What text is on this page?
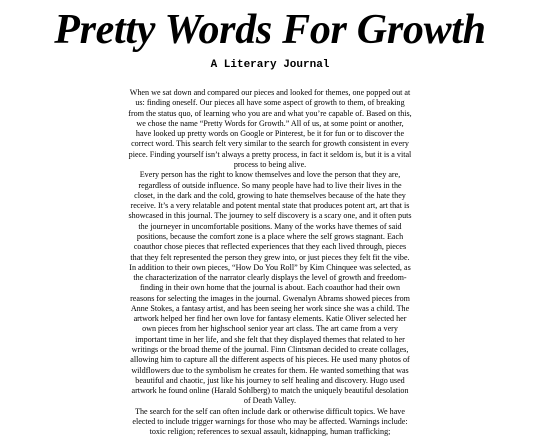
Pretty Words For Growth
A Literary Journal

When we sat down and compared our pieces and looked for themes, one popped out at us: finding oneself. Our pieces all have some aspect of growth to them, of breaking from the status quo, of learning who you are and what you’re capable of. Based on this, we chose the name “Pretty Words for Growth.” All of us, at some point or another, have looked up pretty words on Google or Pinterest, be it for fun or to discover the correct word. This search felt very similar to the search for growth consistent in every piece. Finding yourself isn’t always a pretty process, in fact it seldom is, but it is a vital process to being alive.

Every person has the right to know themselves and love the person that they are, regardless of outside influence. So many people have had to live their lives in the closet, in the dark and the cold, growing to hate themselves because of the hate they receive. It’s a very relatable and potent mental state that produces potent art, art that is showcased in this journal. The journey to self discovery is a scary one, and it often puts the journeyer in uncomfortable positions. Many of the works have themes of said positions, because the comfort zone is a place where the self grows stagnant. Each coauthor chose pieces that reflected experiences that they each lived through, pieces that they felt represented the person they grew into, or just pieces they felt fit the vibe. In addition to their own pieces, “How Do You Roll” by Kim Chinquee was selected, as the characterization of the narrator clearly displays the level of growth and freedom-finding in their own home that the journal is about. Each coauthor had their own reasons for selecting the images in the journal. Gwenalyn Abrams showed pieces from Anne Stokes, a fantasy artist, and has been seeing her work since she was a child. The artwork helped her find her own love for fantasy elements. Katie Oliver selected her own pieces from her highschool senior year art class. The art came from a very important time in her life, and she felt that they displayed themes that related to her writings or the broad theme of the journal. Finn Clintsman decided to create collages, allowing him to capture all the different aspects of his pieces. He used many photos of wildflowers due to the symbolism he creates for them. He wanted something that was beautiful and chaotic, just like his journey to self healing and discovery. Hugo used artwork he found online (Harald Sohlberg) to match the uniquely beautiful desolation of Death Valley.

The search for the self can often include dark or otherwise difficult topics. We have elected to include trigger warnings for those who may be affected. Warnings include: toxic religion; references to sexual assault, kidnapping, human trafficking;
